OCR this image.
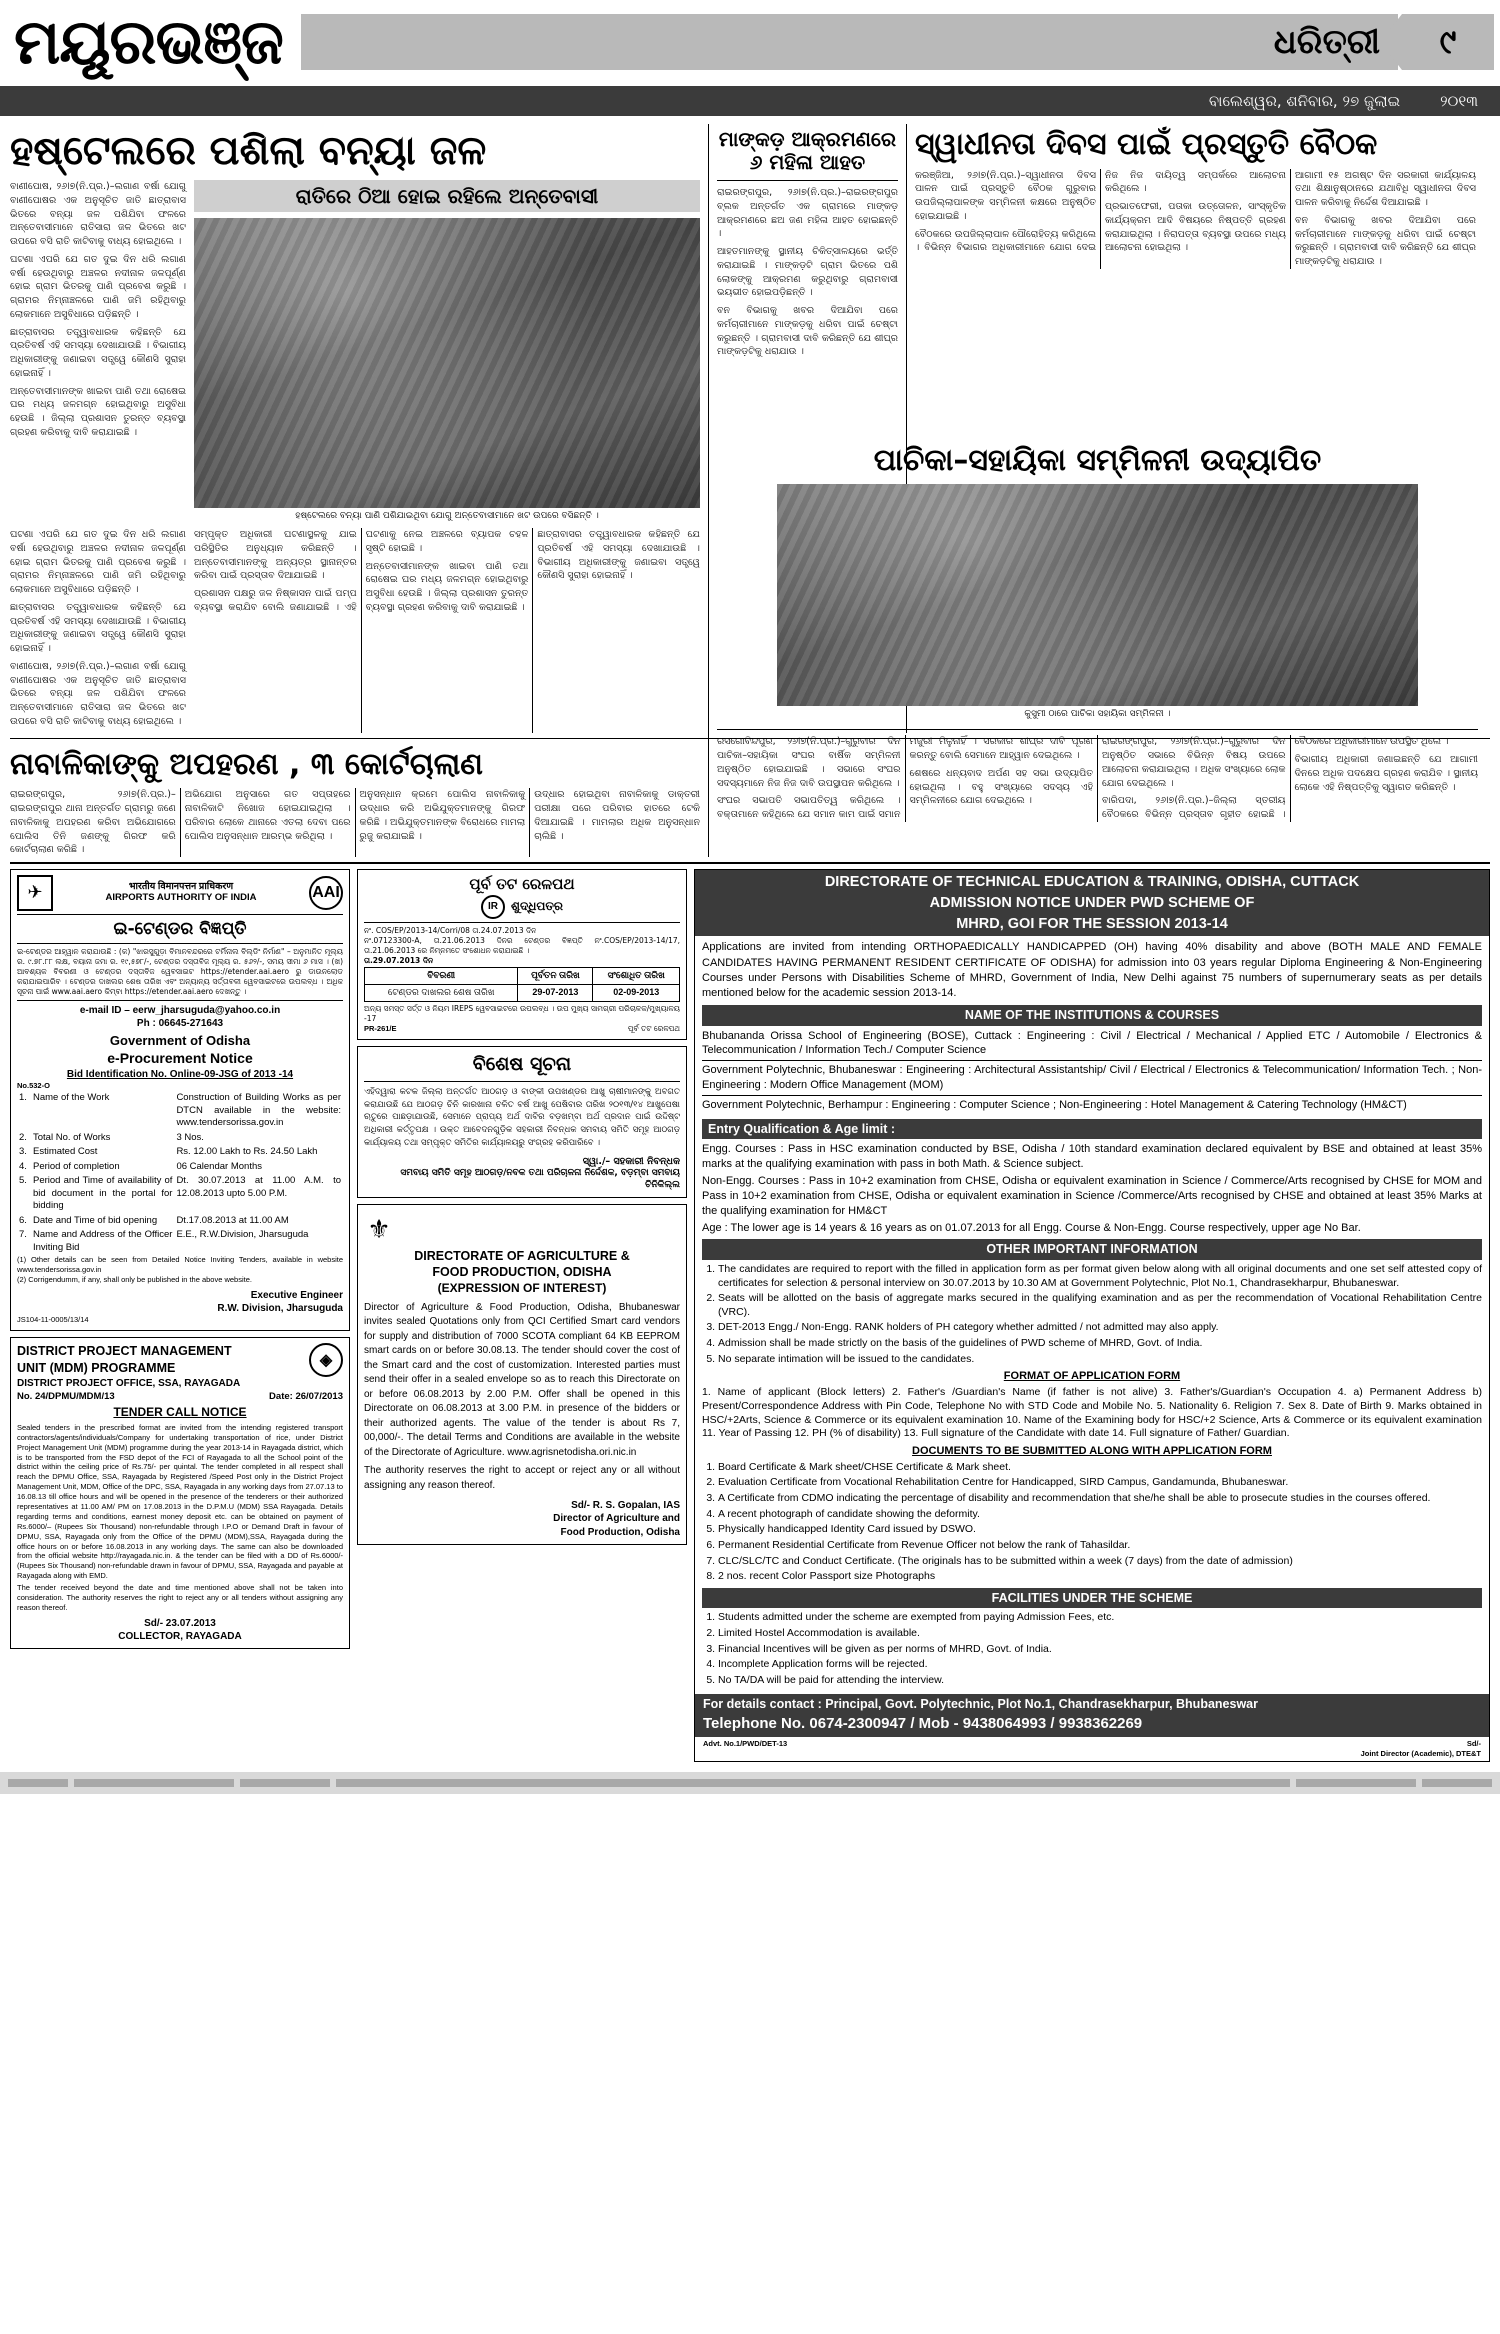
ମୟୂରଭଞ୍ଜ	ଧରିତ୍ରୀ	୯
ବାଲେଶ୍ୱର, ଶନିବାର, ୨୭ ଜୁଲାଇ	୨୦୧୩
ହଷ୍ଟେଲରେ ପଶିଲା ବନ୍ୟା ଜଳ

ବାଣୀପୋଷ, ୨୬୤୭(ନି.ପ୍ର.)–ଲଗାଣ ବର୍ଷା ଯୋଗୁ ବାଣୀପୋଷର ଏକ ଅନୁସୂଚିତ ଜାତି ଛାତ୍ରାବାସ ଭିତରେ ବନ୍ୟା ଜଳ ପଶିଯିବା ଫଳରେ ଅନ୍ତେବାସୀମାନେ ରାତିସାରା ଜଳ ଭିତରେ ଖଟ ଉପରେ ବସି ରାତି କାଟିବାକୁ ବାଧ୍ୟ ହୋଇଥିଲେ ।

ଘଟଣା ଏପରି ଯେ ଗତ ଦୁଇ ଦିନ ଧରି ଲଗାଣ ବର୍ଷା ହେଉଥିବାରୁ ଅଞ୍ଚଳର ନଦୀନାଳ ଜଳପୂର୍ଣ୍ଣ ହୋଇ ଗ୍ରାମ ଭିତରକୁ ପାଣି ପ୍ରବେଶ କରୁଛି । ଗ୍ରାମର ନିମ୍ନାଞ୍ଚଳରେ ପାଣି ଜମି ରହିଥିବାରୁ ଲୋକମାନେ ଅସୁବିଧାରେ ପଡ଼ିଛନ୍ତି ।

ଛାତ୍ରାବାସର ତତ୍ତ୍ୱାବଧାରକ କହିଛନ୍ତି ଯେ ପ୍ରତିବର୍ଷ ଏହି ସମସ୍ୟା ଦେଖାଯାଉଛି । ବିଭାଗୀୟ ଅଧିକାରୀଙ୍କୁ ଜଣାଇବା ସତ୍ତ୍ୱେ କୌଣସି ସୁରାହା ହୋଇନାହିଁ ।

ଅନ୍ତେବାସୀମାନଙ୍କ ଖାଇବା ପାଣି ତଥା ରୋଷେଇ ଘର ମଧ୍ୟ ଜଳମଗ୍ନ ହୋଇଥିବାରୁ ଅସୁବିଧା ହେଉଛି । ଜିଲ୍ଲା ପ୍ରଶାସନ ତୁରନ୍ତ ବ୍ୟବସ୍ଥା ଗ୍ରହଣ କରିବାକୁ ଦାବି କରାଯାଇଛି ।

ରାତିରେ ଠିଆ ହୋଇ ରହିଲେ ଅନ୍ତେବାସୀ
ହଷ୍ଟେଲରେ ବନ୍ୟା ପାଣି ପଶିଯାଇଥିବା ଯୋଗୁ ଅନ୍ତେବାସୀମାନେ ଖଟ ଉପରେ ବସିଛନ୍ତି ।

ଘଟଣା ଏପରି ଯେ ଗତ ଦୁଇ ଦିନ ଧରି ଲଗାଣ ବର୍ଷା ହେଉଥିବାରୁ ଅଞ୍ଚଳର ନଦୀନାଳ ଜଳପୂର୍ଣ୍ଣ ହୋଇ ଗ୍ରାମ ଭିତରକୁ ପାଣି ପ୍ରବେଶ କରୁଛି । ଗ୍ରାମର ନିମ୍ନାଞ୍ଚଳରେ ପାଣି ଜମି ରହିଥିବାରୁ ଲୋକମାନେ ଅସୁବିଧାରେ ପଡ଼ିଛନ୍ତି ।

ଛାତ୍ରାବାସର ତତ୍ତ୍ୱାବଧାରକ କହିଛନ୍ତି ଯେ ପ୍ରତିବର୍ଷ ଏହି ସମସ୍ୟା ଦେଖାଯାଉଛି । ବିଭାଗୀୟ ଅଧିକାରୀଙ୍କୁ ଜଣାଇବା ସତ୍ତ୍ୱେ କୌଣସି ସୁରାହା ହୋଇନାହିଁ ।

ବାଣୀପୋଷ, ୨୬୤୭(ନି.ପ୍ର.)–ଲଗାଣ ବର୍ଷା ଯୋଗୁ ବାଣୀପୋଷର ଏକ ଅନୁସୂଚିତ ଜାତି ଛାତ୍ରାବାସ ଭିତରେ ବନ୍ୟା ଜଳ ପଶିଯିବା ଫଳରେ ଅନ୍ତେବାସୀମାନେ ରାତିସାରା ଜଳ ଭିତରେ ଖଟ ଉପରେ ବସି ରାତି କାଟିବାକୁ ବାଧ୍ୟ ହୋଇଥିଲେ ।

ସମ୍ପୃକ୍ତ ଅଧିକାରୀ ଘଟଣାସ୍ଥଳକୁ ଯାଇ ପରିସ୍ଥିତିର ଅନୁଧ୍ୟାନ କରିଛନ୍ତି । ଅନ୍ତେବାସୀମାନଙ୍କୁ ଅନ୍ୟତ୍ର ସ୍ଥାନାନ୍ତର କରିବା ପାଇଁ ପ୍ରସ୍ତାବ ଦିଆଯାଇଛି ।

ପ୍ରଶାସନ ପକ୍ଷରୁ ଜଳ ନିଷ୍କାସନ ପାଇଁ ପମ୍ପ ବ୍ୟବସ୍ଥା କରାଯିବ ବୋଲି ଜଣାଯାଇଛି । ଏହି ଘଟଣାକୁ ନେଇ ଅଞ୍ଚଳରେ ବ୍ୟାପକ ଚହଳ ସୃଷ୍ଟି ହୋଇଛି ।

ଅନ୍ତେବାସୀମାନଙ୍କ ଖାଇବା ପାଣି ତଥା ରୋଷେଇ ଘର ମଧ୍ୟ ଜଳମଗ୍ନ ହୋଇଥିବାରୁ ଅସୁବିଧା ହେଉଛି । ଜିଲ୍ଲା ପ୍ରଶାସନ ତୁରନ୍ତ ବ୍ୟବସ୍ଥା ଗ୍ରହଣ କରିବାକୁ ଦାବି କରାଯାଇଛି ।

ଛାତ୍ରାବାସର ତତ୍ତ୍ୱାବଧାରକ କହିଛନ୍ତି ଯେ ପ୍ରତିବର୍ଷ ଏହି ସମସ୍ୟା ଦେଖାଯାଉଛି । ବିଭାଗୀୟ ଅଧିକାରୀଙ୍କୁ ଜଣାଇବା ସତ୍ତ୍ୱେ କୌଣସି ସୁରାହା ହୋଇନାହିଁ ।

ମାଙ୍କଡ଼ ଆକ୍ରମଣରେ ୬ ମହିଳା ଆହତ

ରାଇରଙ୍ଗପୁର, ୨୬୤୭(ନି.ପ୍ର.)–ରାଇରଙ୍ଗପୁର ବ୍ଲକ ଅନ୍ତର୍ଗତ ଏକ ଗ୍ରାମରେ ମାଙ୍କଡ଼ ଆକ୍ରମଣରେ ଛଅ ଜଣ ମହିଳା ଆହତ ହୋଇଛନ୍ତି ।

ଆହତମାନଙ୍କୁ ସ୍ଥାନୀୟ ଚିକିତ୍ସାଳୟରେ ଭର୍ତ୍ତି କରାଯାଇଛି । ମାଙ୍କଡ଼ଟି ଗ୍ରାମ ଭିତରେ ପଶି ଲୋକଙ୍କୁ ଆକ୍ରମଣ କରୁଥିବାରୁ ଗ୍ରାମବାସୀ ଭୟଭୀତ ହୋଇପଡ଼ିଛନ୍ତି ।

ବନ ବିଭାଗକୁ ଖବର ଦିଆଯିବା ପରେ କର୍ମଚାରୀମାନେ ମାଙ୍କଡ଼କୁ ଧରିବା ପାଇଁ ଚେଷ୍ଟା କରୁଛନ୍ତି । ଗ୍ରାମବାସୀ ଦାବି କରିଛନ୍ତି ଯେ ଶୀଘ୍ର ମାଙ୍କଡ଼ଟିକୁ ଧରାଯାଉ ।

ସ୍ୱାଧୀନତା ଦିବସ ପାଇଁ ପ୍ରସ୍ତୁତି ବୈଠକ

କରଞ୍ଜିଆ, ୨୬୤୭(ନି.ପ୍ର.)–ସ୍ୱାଧୀନତା ଦିବସ ପାଳନ ପାଇଁ ପ୍ରସ୍ତୁତି ବୈଠକ ଗୁରୁବାର ଉପଜିଲ୍ଲାପାଳଙ୍କ ସମ୍ମିଳନୀ କକ୍ଷରେ ଅନୁଷ୍ଠିତ ହୋଇଯାଇଛି ।

ବୈଠକରେ ଉପଜିଲ୍ଲାପାଳ ପୌରୋହିତ୍ୟ କରିଥିଲେ । ବିଭିନ୍ନ ବିଭାଗର ଅଧିକାରୀମାନେ ଯୋଗ ଦେଇ ନିଜ ନିଜ ଦାୟିତ୍ୱ ସମ୍ପର୍କରେ ଆଲୋଚନା କରିଥିଲେ ।

ପ୍ରଭାତଫେରୀ, ପତାକା ଉତ୍ତୋଳନ, ସାଂସ୍କୃତିକ କାର୍ଯ୍ୟକ୍ରମ ଆଦି ବିଷୟରେ ନିଷ୍ପତ୍ତି ଗ୍ରହଣ କରାଯାଇଥିଲା । ନିରାପତ୍ତା ବ୍ୟବସ୍ଥା ଉପରେ ମଧ୍ୟ ଆଲୋଚନା ହୋଇଥିଲା ।

ଆଗାମୀ ୧୫ ଅଗଷ୍ଟ ଦିନ ସରକାରୀ କାର୍ଯ୍ୟାଳୟ ତଥା ଶିକ୍ଷାନୁଷ୍ଠାନରେ ଯଥାବିଧି ସ୍ୱାଧୀନତା ଦିବସ ପାଳନ କରିବାକୁ ନିର୍ଦ୍ଦେଶ ଦିଆଯାଇଛି ।

ବନ ବିଭାଗକୁ ଖବର ଦିଆଯିବା ପରେ କର୍ମଚାରୀମାନେ ମାଙ୍କଡ଼କୁ ଧରିବା ପାଇଁ ଚେଷ୍ଟା କରୁଛନ୍ତି । ଗ୍ରାମବାସୀ ଦାବି କରିଛନ୍ତି ଯେ ଶୀଘ୍ର ମାଙ୍କଡ଼ଟିକୁ ଧରାଯାଉ ।

ନାବାଳିକାଙ୍କୁ ଅପହରଣ , ୩ କୋର୍ଟଚାଲାଣ

ରାଇରଙ୍ଗପୁର, ୨୬୤୭(ନି.ପ୍ର.)–ରାଇରଙ୍ଗପୁର ଥାନା ଅନ୍ତର୍ଗତ ଗ୍ରାମରୁ ଜଣେ ନାବାଳିକାକୁ ଅପହରଣ କରିବା ଅଭିଯୋଗରେ ପୋଲିସ ତିନି ଜଣଙ୍କୁ ଗିରଫ କରି କୋର୍ଟଚାଲାଣ କରିଛି ।

ଅଭିଯୋଗ ଅନୁସାରେ ଗତ ସପ୍ତାହରେ ନାବାଳିକାଟି ନିଖୋଜ ହୋଇଯାଇଥିଲା । ପରିବାର ଲୋକେ ଥାନାରେ ଏତଲା ଦେବା ପରେ ପୋଲିସ ଅନୁସନ୍ଧାନ ଆରମ୍ଭ କରିଥିଲା ।

ଅନୁସନ୍ଧାନ କ୍ରମେ ପୋଲିସ ନାବାଳିକାକୁ ଉଦ୍ଧାର କରି ଅଭିଯୁକ୍ତମାନଙ୍କୁ ଗିରଫ କରିଛି । ଅଭିଯୁକ୍ତମାନଙ୍କ ବିରୋଧରେ ମାମଲା ରୁଜୁ କରାଯାଇଛି ।

ଉଦ୍ଧାର ହୋଇଥିବା ନାବାଳିକାକୁ ଡାକ୍ତରୀ ପରୀକ୍ଷା ପରେ ପରିବାର ହାତରେ ଟେକି ଦିଆଯାଇଛି । ମାମଲାର ଅଧିକ ଅନୁସନ୍ଧାନ ଚାଲିଛି ।

ପାଚିକା–ସହାୟିକା ସମ୍ମିଳନୀ ଉଦ୍ୟାପିତ
କୁସୁମୀ ଠାରେ ପାଚିକା ସହାୟିକା ସମ୍ମିଳନୀ ।

ରସଗୋବିନ୍ଦପୁର, ୨୬୤୭(ନି.ପ୍ର.)–ଗୁରୁବାର ଦିନ ପାଚିକା–ସହାୟିକା ସଂଘର ବାର୍ଷିକ ସମ୍ମିଳନୀ ଅନୁଷ୍ଠିତ ହୋଇଯାଇଛି । ସଭାରେ ସଂଘର ସଦସ୍ୟମାନେ ନିଜ ନିଜ ଦାବି ଉପସ୍ଥାପନ କରିଥିଲେ ।

ସଂଘର ସଭାପତି ସଭାପତିତ୍ୱ କରିଥିଲେ । ବକ୍ତାମାନେ କହିଥିଲେ ଯେ ସମାନ କାମ ପାଇଁ ସମାନ ମଜୁରୀ ମିଳୁନାହିଁ । ସରକାର ଶୀଘ୍ର ଦାବି ପୂରଣ କରନ୍ତୁ ବୋଲି ସେମାନେ ଆହ୍ୱାନ ଦେଇଥିଲେ ।

ଶେଷରେ ଧନ୍ୟବାଦ ଅର୍ପଣ ସହ ସଭା ଉଦ୍ୟାପିତ ହୋଇଥିଲା । ବହୁ ସଂଖ୍ୟାରେ ସଦସ୍ୟ ଏହି ସମ୍ମିଳନୀରେ ଯୋଗ ଦେଇଥିଲେ ।

ରାଇରଙ୍ଗପୁର, ୨୬୤୭(ନି.ପ୍ର.)–ଗୁରୁବାର ଦିନ ଅନୁଷ୍ଠିତ ସଭାରେ ବିଭିନ୍ନ ବିଷୟ ଉପରେ ଆଲୋଚନା କରାଯାଇଥିଲା । ଅଧିକ ସଂଖ୍ୟାରେ ଲୋକ ଯୋଗ ଦେଇଥିଲେ ।

ବାରିପଦା, ୨୬୤୭(ନି.ପ୍ର.)–ଜିଲ୍ଲା ସ୍ତରୀୟ ବୈଠକରେ ବିଭିନ୍ନ ପ୍ରସ୍ତାବ ଗୃହୀତ ହୋଇଛି । ବୈଠକରେ ଅଧିକାରୀମାନେ ଉପସ୍ଥିତ ଥିଲେ ।

ବିଭାଗୀୟ ଅଧିକାରୀ ଜଣାଇଛନ୍ତି ଯେ ଆଗାମୀ ଦିନରେ ଅଧିକ ପଦକ୍ଷେପ ଗ୍ରହଣ କରାଯିବ । ସ୍ଥାନୀୟ ଲୋକେ ଏହି ନିଷ୍ପତ୍ତିକୁ ସ୍ୱାଗତ କରିଛନ୍ତି ।

✈	भारतीय विमानपत्तन प्राधिकरण
AIRPORTS AUTHORITY OF INDIA	AAI
ଇ-ଟେଣ୍ଡର ବିଜ୍ଞପ୍ତି
ଇ-ଟେଣ୍ଡର ଆହ୍ୱାନ କରାଯାଉଛି : (କ) "ଝାରସୁଗୁଡ଼ା ବିମାନବନ୍ଦରରେ ଟର୍ମିନାଲ ବିଲ୍ଡିଂ ନିର୍ମାଣ" – ଅନୁମାନିତ ମୂଲ୍ୟ ର. ୯.୭୮.୮୮ ଲକ୍ଷ, ବୟାନା ଜମା ର. ୧୯,୫୭୮/-, ଟେଣ୍ଡର ଦସ୍ତାବିଜ ମୂଲ୍ୟ ର. ୫୬୨/-, ସମୟ ସୀମା ୬ ମାସ । (ଖ) ଆବଶ୍ୟକ ବିବରଣୀ ଓ ଟେଣ୍ଡର ଦସ୍ତାବିଜ ୱେବସାଇଟ https://etender.aai.aero ରୁ ଡାଉନଲୋଡ କରାଯାଇପାରିବ । ଟେଣ୍ଡର ଦାଖଲର ଶେଷ ତାରିଖ ଏବଂ ଅନ୍ୟାନ୍ୟ ସର୍ତ୍ତାବଳୀ ୱେବସାଇଟରେ ଉପଲବ୍ଧ । ଅଧିକ ସୂଚନା ପାଇଁ www.aai.aero କିମ୍ବା https://etender.aai.aero ଦେଖନ୍ତୁ ।
e-mail ID – eerw_jharsuguda@yahoo.co.in
Ph : 06645-271643
Government of Odisha
e-Procurement Notice
Bid Identification No. Online-09-JSG of 2013 -14
No.532-O
1.	Name of the Work	Construction of Building Works as per DTCN available in the website: www.tendersorissa.gov.in
2.	Total No. of Works	3 Nos.
3.	Estimated Cost	Rs. 12.00 Lakh to Rs. 24.50 Lakh
4.	Period of completion	06 Calendar Months
5.	Period and Time of availability of bid document in the portal for bidding	Dt. 30.07.2013 at 11.00 A.M. to 12.08.2013 upto 5.00 P.M.
6.	Date and Time of bid opening	Dt.17.08.2013 at 11.00 AM
7.	Name and Address of the Officer Inviting Bid	E.E., R.W.Division, Jharsuguda
(1) Other details can be seen from Detailed Notice Inviting Tenders, available in website www.tendersorissa.gov.in
(2) Corrigendumm, if any, shall only be published in the above website.
Executive Engineer
R.W. Division, Jharsuguda
JS104-11-0005/13/14
DISTRICT PROJECT MANAGEMENT
UNIT (MDM) PROGRAMME	◈
DISTRICT PROJECT OFFICE, SSA, RAYAGADA
No. 24/DPMU/MDM/13	Date: 26/07/2013
TENDER CALL NOTICE
Sealed tenders in the prescribed format are invited from the intending registered transport contractors/agents/individuals/Company for undertaking transportation of rice, under District Project Management Unit (MDM) programme during the year 2013-14 in Rayagada district, which is to be transported from the FSD depot of the FCI of Rayagada to all the School point of the district within the ceiling price of Rs.75/- per quintal. The tender completed in all respect shall reach the DPMU Office, SSA, Rayagada by Registered /Speed Post only in the District Project Management Unit, MDM, Office of the DPC, SSA, Rayagada in any working days from 27.07.13 to 16.08.13 till office hours and will be opened in the presence of the tenderers or their authorized representatives at 11.00 AM/ PM on 17.08.2013 in the D.P.M.U (MDM) SSA Rayagada. Details regarding terms and conditions, earnest money deposit etc. can be obtained on payment of Rs.6000/– (Rupees Six Thousand) non-refundable through I.P.O or Demand Draft in favour of DPMU, SSA, Rayagada only from the Office of the DPMU (MDM),SSA, Rayagada during the office hours on or before 16.08.2013 in any working days. The same can also be downloaded from the official website http://rayagada.nic.in. & the tender can be filed with a DD of Rs.6000/- (Rupees Six Thousand) non-refundable drawn in favour of DPMU, SSA, Rayagada and payable at Rayagada along with EMD.
The tender received beyond the date and time mentioned above shall not be taken into consideration. The authority reserves the right to reject any or all tenders without assigning any reason thereof.
Sd/- 23.07.2013
COLLECTOR, RAYAGADA
ପୂର୍ବ ତଟ ରେଳପଥ
IR	ଶୁଦ୍ଧିପତ୍ର
ନଂ. COS/EP/2013-14/Corri/08 ତା.24.07.2013 ଦିନ
ନଂ.07123300-A, ତା.21.06.2013 ଦିନର ଟେଣ୍ଡର ବିଜ୍ଞପ୍ତି ନଂ.COS/EP/2013-14/17, ତା.21.06.2013 ରେ ନିମ୍ନମତେ ସଂଶୋଧନ କରାଯାଇଛି ।
ତା.29.07.2013 ଦିନ
ବିବରଣୀ	ପୂର୍ବତନ ତାରିଖ	ସଂଶୋଧିତ ତାରିଖ
ଟେଣ୍ଡର ଦାଖଲର ଶେଷ ତାରିଖ	29-07-2013	02-09-2013
ଅନ୍ୟ ସମସ୍ତ ସର୍ତ୍ତ ଓ ନିୟମ IREPS ୱେବସାଇଟରେ ଉପଲବ୍ଧ । ଉପ ମୁଖ୍ୟ ସାମଗ୍ରୀ ପରିଚାଳକ/ମୁଖ୍ୟାଳୟ -17
PR-261/E	ପୂର୍ବ ତଟ ରେଳପଥ
ବିଶେଷ ସୂଚନା
ଏହିଦ୍ୱାରା କଟକ ଜିଲ୍ଲା ଅନ୍ତର୍ଗତ ଆଠଗଡ଼ ଓ ବାଙ୍କୀ ଉପଖଣ୍ଡର ଆଖୁ ଚାଷୀମାନଙ୍କୁ ଅବଗତ କରାଯାଉଛି ଯେ ଆଠଗଡ଼ ଚିନି କାରଖାନା ଚଳିତ ବର୍ଷ ଆଖୁ ପେଷିବାର ତାରିଖ ୨୦୧୩/୧୪ ଆଖୁପେଷା ଋତୁରେ ପାଛଡ଼ାଯାଉଛି, ସେମାନେ ପ୍ରାପ୍ୟ ଅର୍ଥ ଦାବିର ବଡ଼ଖମ୍ବା ଅର୍ଥ ପ୍ରଦାନ ପାଇଁ ଉଦ୍ଦିଷ୍ଟ ଅଧିକାରୀ କର୍ତ୍ତୃପକ୍ଷ । ଉକ୍ତ ଆବେଦନଗୁଡ଼ିକ ସହକାରୀ ନିବନ୍ଧକ ସମବାୟ ସମିତି ସମୂହ ଆଠଗଡ଼ କାର୍ଯ୍ୟାଳୟ ତଥା ସମ୍ପୃକ୍ତ ସମିତିର କାର୍ଯ୍ୟାଳୟରୁ ସଂଗ୍ରହ କରିପାରିବେ ।
ସ୍ୱା./– ସହକାରୀ ନିବନ୍ଧକ
ସମବାୟ ସମିତି ସମୂହ ଆଠଗଡ଼/ନବକ ତଥା ପରିଚାଳନା ନିର୍ଦ୍ଦେଶକ, ବଡ଼ମ୍ବା ସମବାୟ ଚିନିକିଲ୍ଲ
⚜
DIRECTORATE OF AGRICULTURE &
FOOD PRODUCTION, ODISHA
(EXPRESSION OF INTEREST)
Director of Agriculture & Food Production, Odisha, Bhubaneswar invites sealed Quotations only from QCI Certified Smart card vendors for supply and distribution of 7000 SCOTA compliant 64 KB EEPROM smart cards on or before 30.08.13. The tender should cover the cost of the Smart card and the cost of customization. Interested parties must send their offer in a sealed envelope so as to reach this Directorate on or before 06.08.2013 by 2.00 P.M. Offer shall be opened in this Directorate on 06.08.2013 at 3.00 P.M. in presence of the bidders or their authorized agents. The value of the tender is about Rs 7, 00,000/-. The detail Terms and Conditions are available in the website of the Directorate of Agriculture. www.agrisnetodisha.ori.nic.in
The authority reserves the right to accept or reject any or all without assigning any reason thereof.
Sd/- R. S. Gopalan, IAS
Director of Agriculture and
Food Production, Odisha
DIRECTORATE OF TECHNICAL EDUCATION & TRAINING, ODISHA, CUTTACK
ADMISSION NOTICE UNDER PWD SCHEME OF
MHRD, GOI FOR THE SESSION 2013-14
Applications are invited from intending ORTHOPAEDICALLY HANDICAPPED (OH) having 40% disability and above (BOTH MALE AND FEMALE CANDIDATES HAVING PERMANENT RESIDENT CERTIFICATE OF ODISHA) for admission into 03 years regular Diploma Engineering & Non-Engineering Courses under Persons with Disabilities Scheme of MHRD, Government of India, New Delhi against 75 numbers of supernumerary seats as per details mentioned below for the academic session 2013-14.
NAME OF THE INSTITUTIONS & COURSES
Bhubananda Orissa School of Engineering (BOSE), Cuttack : Engineering : Civil / Electrical / Mechanical / Applied ETC / Automobile / Electronics & Telecommunication / Information Tech./ Computer Science
Government Polytechnic, Bhubaneswar : Engineering : Architectural Assistantship/ Civil / Electrical / Electronics & Telecommunication/ Information Tech. ; Non-Engineering : Modern Office Management (MOM)
Government Polytechnic, Berhampur : Engineering : Computer Science ; Non-Engineering : Hotel Management & Catering Technology (HM&CT)
Entry Qualification & Age limit :
Engg. Courses : Pass in HSC examination conducted by BSE, Odisha / 10th standard examination declared equivalent by BSE and obtained at least 35% marks at the qualifying examination with pass in both Math. & Science subject.
Non-Engg. Courses : Pass in 10+2 examination from CHSE, Odisha or equivalent examination in Science / Commerce/Arts recognised by CHSE for MOM and Pass in 10+2 examination from CHSE, Odisha or equivalent examination in Science /Commerce/Arts recognised by CHSE and obtained at least 35% Marks at the qualifying examination for HM&CT
Age : The lower age is 14 years & 16 years as on 01.07.2013 for all Engg. Course & Non-Engg. Course respectively, upper age No Bar.
OTHER IMPORTANT INFORMATION
1. The candidates are required to report with the filled in application form as per format given below along with all original documents and one set self attested copy of certificates for selection & personal interview on 30.07.2013 by 10.30 AM at Government Polytechnic, Plot No.1, Chandrasekharpur, Bhubaneswar.
2. Seats will be allotted on the basis of aggregate marks secured in the qualifying examination and as per the recommendation of Vocational Rehabilitation Centre (VRC).
3. DET-2013 Engg./ Non-Engg. RANK holders of PH category whether admitted / not admitted may also apply.
4. Admission shall be made strictly on the basis of the guidelines of PWD scheme of MHRD, Govt. of India.
5. No separate intimation will be issued to the candidates.
FORMAT OF APPLICATION FORM
1. Name of applicant (Block letters) 2. Father's /Guardian's Name (if father is not alive) 3. Father's/Guardian's Occupation 4. a) Permanent Address b) Present/Correspondence Address with Pin Code, Telephone No with STD Code and Mobile No. 5. Nationality 6. Religion 7. Sex 8. Date of Birth 9. Marks obtained in HSC/+2Arts, Science & Commerce or its equivalent examination 10. Name of the Examining body for HSC/+2 Science, Arts & Commerce or its equivalent examination 11. Year of Passing 12. PH (% of disability) 13. Full signature of the Candidate with date 14. Full signature of Father/ Guardian.
DOCUMENTS TO BE SUBMITTED ALONG WITH APPLICATION FORM
1. Board Certificate & Mark sheet/CHSE Certificate & Mark sheet.
2. Evaluation Certificate from Vocational Rehabilitation Centre for Handicapped, SIRD Campus, Gandamunda, Bhubaneswar.
3. A Certificate from CDMO indicating the percentage of disability and recommendation that she/he shall be able to prosecute studies in the courses offered.
4. A recent photograph of candidate showing the deformity.
5. Physically handicapped Identity Card issued by DSWO.
6. Permanent Residential Certificate from Revenue Officer not below the rank of Tahasildar.
7. CLC/SLC/TC and Conduct Certificate. (The originals has to be submitted within a week (7 days) from the date of admission)
8. 2 nos. recent Color Passport size Photographs
FACILITIES UNDER THE SCHEME
1. Students admitted under the scheme are exempted from paying Admission Fees, etc.
2. Limited Hostel Accommodation is available.
3. Financial Incentives will be given as per norms of MHRD, Govt. of India.
4. Incomplete Application forms will be rejected.
5. No TA/DA will be paid for attending the interview.
For details contact : Principal, Govt. Polytechnic, Plot No.1, Chandrasekharpur, Bhubaneswar
Telephone No. 0674-2300947 / Mob - 9438064993 / 9938362269
Advt. No.1/PWD/DET-13	Sd/-
Joint Director (Academic), DTE&T
